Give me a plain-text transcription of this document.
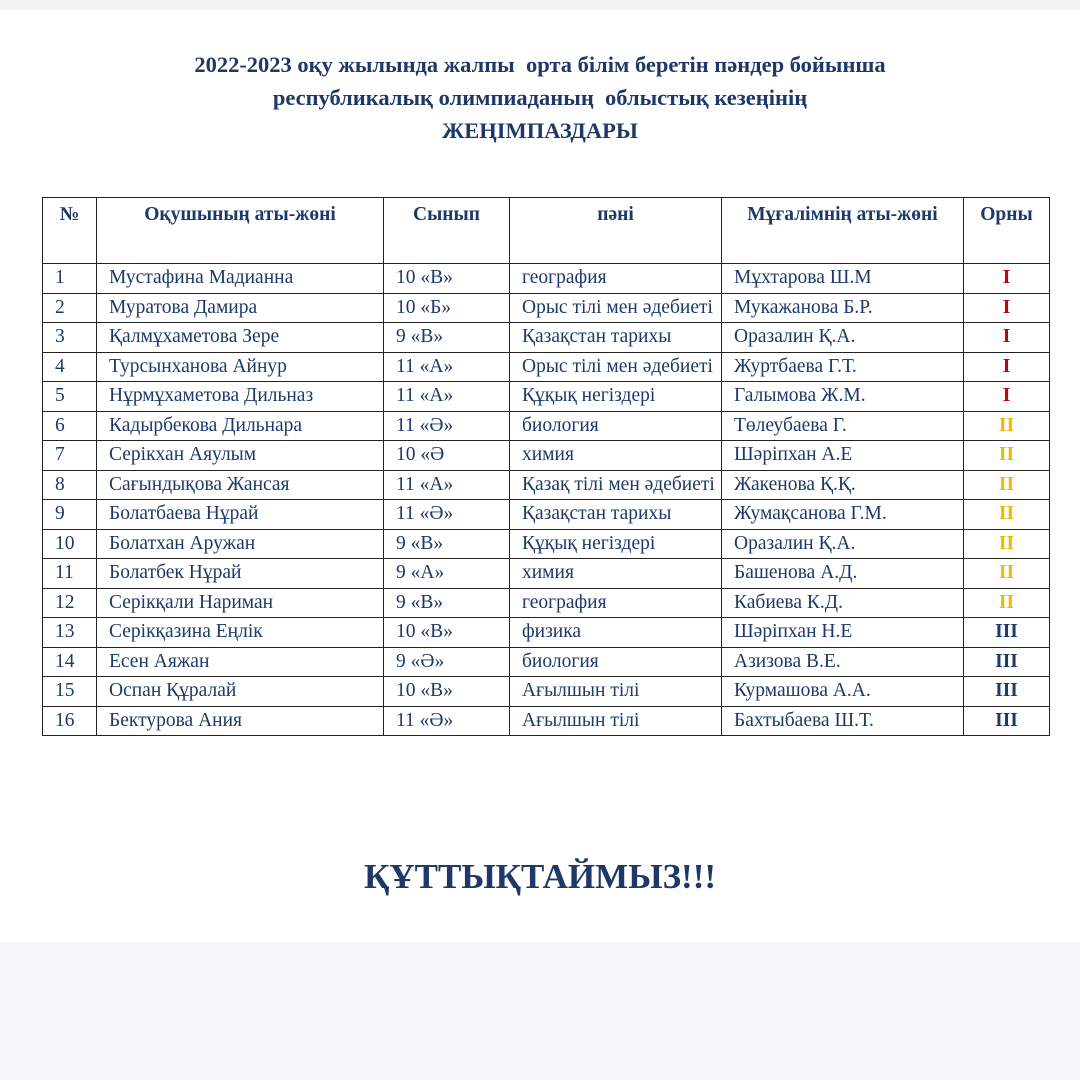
2022-2023 оқу жылында жалпы  орта білім беретін пәндер бойынша
республикалық олимпиаданың  облыстық кезеңінің
ЖЕҢІМПАЗДАРЫ
№	Оқушының аты-жөні	Сынып	пәні	Мұғалімнің аты-жөні	Орны
1	Мустафина Мадианна	10 «В»	география	Мұхтарова Ш.М	I
2	Муратова Дамира	10 «Б»	Орыс тілі мен әдебиеті	Мукажанова Б.Р.	I
3	Қалмұхаметова Зере	9 «В»	Қазақстан тарихы	Оразалин Қ.А.	I
4	Турсынханова Айнур	11 «А»	Орыс тілі мен әдебиеті	Журтбаева Г.Т.	I
5	Нұрмұхаметова Дильназ	11 «А»	Құқық негіздері	Галымова Ж.М.	I
6	Кадырбекова Дильнара	11 «Ә»	биология	Төлеубаева Г.	II
7	Серікхан Аяулым	10 «Ә	химия	Шәріпхан А.Е	II
8	Сағындықова Жансая	11 «А»	Қазақ тілі мен әдебиеті	Жакенова Қ.Қ.	II
9	Болатбаева Нұрай	11 «Ә»	Қазақстан тарихы	Жумақсанова Г.М.	II
10	Болатхан Аружан	9 «В»	Құқық негіздері	Оразалин Қ.А.	II
11	Болатбек Нұрай	9 «А»	химия	Башенова А.Д.	II
12	Серікқали Нариман	9 «В»	география	Кабиева К.Д.	II
13	Серікқазина Еңлік	10 «В»	физика	Шәріпхан Н.Е	III
14	Есен Аяжан	9 «Ә»	биология	Азизова В.Е.	III
15	Оспан Құралай	10 «В»	Ағылшын тілі	Курмашова А.А.	III
16	Бектурова Ания	11 «Ә»	Ағылшын тілі	Бахтыбаева Ш.Т.	III
ҚҰТТЫҚТАЙМЫЗ!!!
